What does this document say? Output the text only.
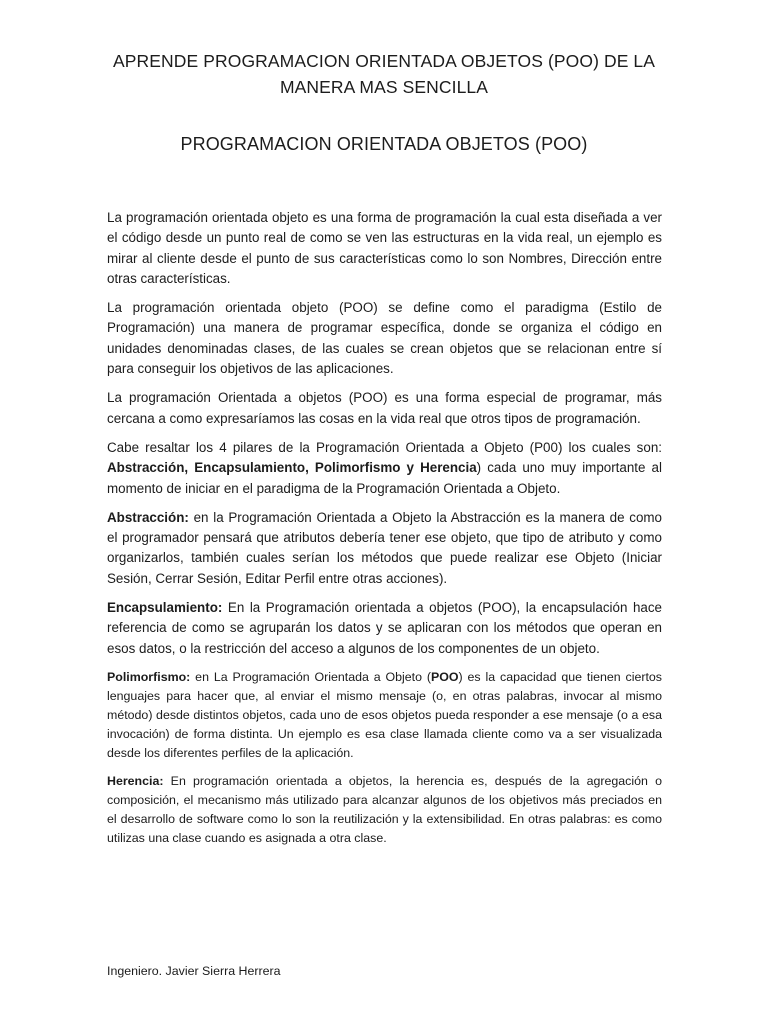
APRENDE PROGRAMACION ORIENTADA OBJETOS (POO) DE LA MANERA MAS SENCILLA
PROGRAMACION ORIENTADA OBJETOS (POO)

La programación orientada objeto es una forma de programación la cual esta diseñada a ver el código desde un punto real de como se ven las estructuras en la vida real, un ejemplo es mirar al cliente desde el punto de sus características como lo son Nombres, Dirección entre otras características.

La programación orientada objeto (POO) se define como el paradigma (Estilo de Programación) una manera de programar específica, donde se organiza el código en unidades denominadas clases, de las cuales se crean objetos que se relacionan entre sí para conseguir los objetivos de las aplicaciones.

La programación Orientada a objetos (POO) es una forma especial de programar, más cercana a como expresaríamos las cosas en la vida real que otros tipos de programación.

Cabe resaltar los 4 pilares de la Programación Orientada a Objeto (P00) los cuales son: Abstracción, Encapsulamiento, Polimorfismo y Herencia) cada uno muy importante al momento de iniciar en el paradigma de la Programación Orientada a Objeto.

Abstracción: en la Programación Orientada a Objeto la Abstracción es la manera de como el programador pensará que atributos debería tener ese objeto, que tipo de atributo y como organizarlos, también cuales serían los métodos que puede realizar ese Objeto (Iniciar Sesión, Cerrar Sesión, Editar Perfil entre otras acciones).

Encapsulamiento: En la Programación orientada a objetos (POO), la encapsulación hace referencia de como se agruparán los datos y se aplicaran con los métodos que operan en esos datos, o la restricción del acceso a algunos de los componentes de un objeto.

Polimorfismo: en La Programación Orientada a Objeto (POO) es la capacidad que tienen ciertos lenguajes para hacer que, al enviar el mismo mensaje (o, en otras palabras, invocar al mismo método) desde distintos objetos, cada uno de esos objetos pueda responder a ese mensaje (o a esa invocación) de forma distinta. Un ejemplo es esa clase llamada cliente como va a ser visualizada desde los diferentes perfiles de la aplicación.

Herencia: En programación orientada a objetos, la herencia es, después de la agregación o composición, el mecanismo más utilizado para alcanzar algunos de los objetivos más preciados en el desarrollo de software como lo son la reutilización y la extensibilidad. En otras palabras: es como utilizas una clase cuando es asignada a otra clase.

Ingeniero. Javier Sierra Herrera
